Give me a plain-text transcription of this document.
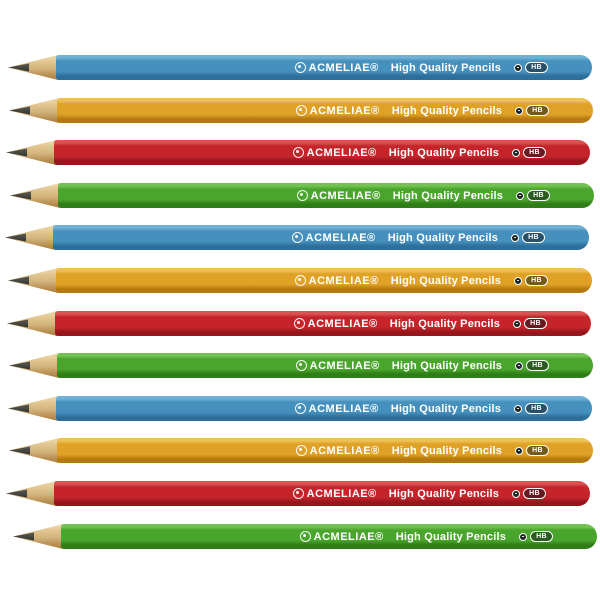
ACMELIAE® High Quality Pencils	HB
ACMELIAE® High Quality Pencils	HB
ACMELIAE® High Quality Pencils	HB
ACMELIAE® High Quality Pencils	HB
ACMELIAE® High Quality Pencils	HB
ACMELIAE® High Quality Pencils	HB
ACMELIAE® High Quality Pencils	HB
ACMELIAE® High Quality Pencils	HB
ACMELIAE® High Quality Pencils	HB
ACMELIAE® High Quality Pencils	HB
ACMELIAE® High Quality Pencils	HB
ACMELIAE® High Quality Pencils	HB
